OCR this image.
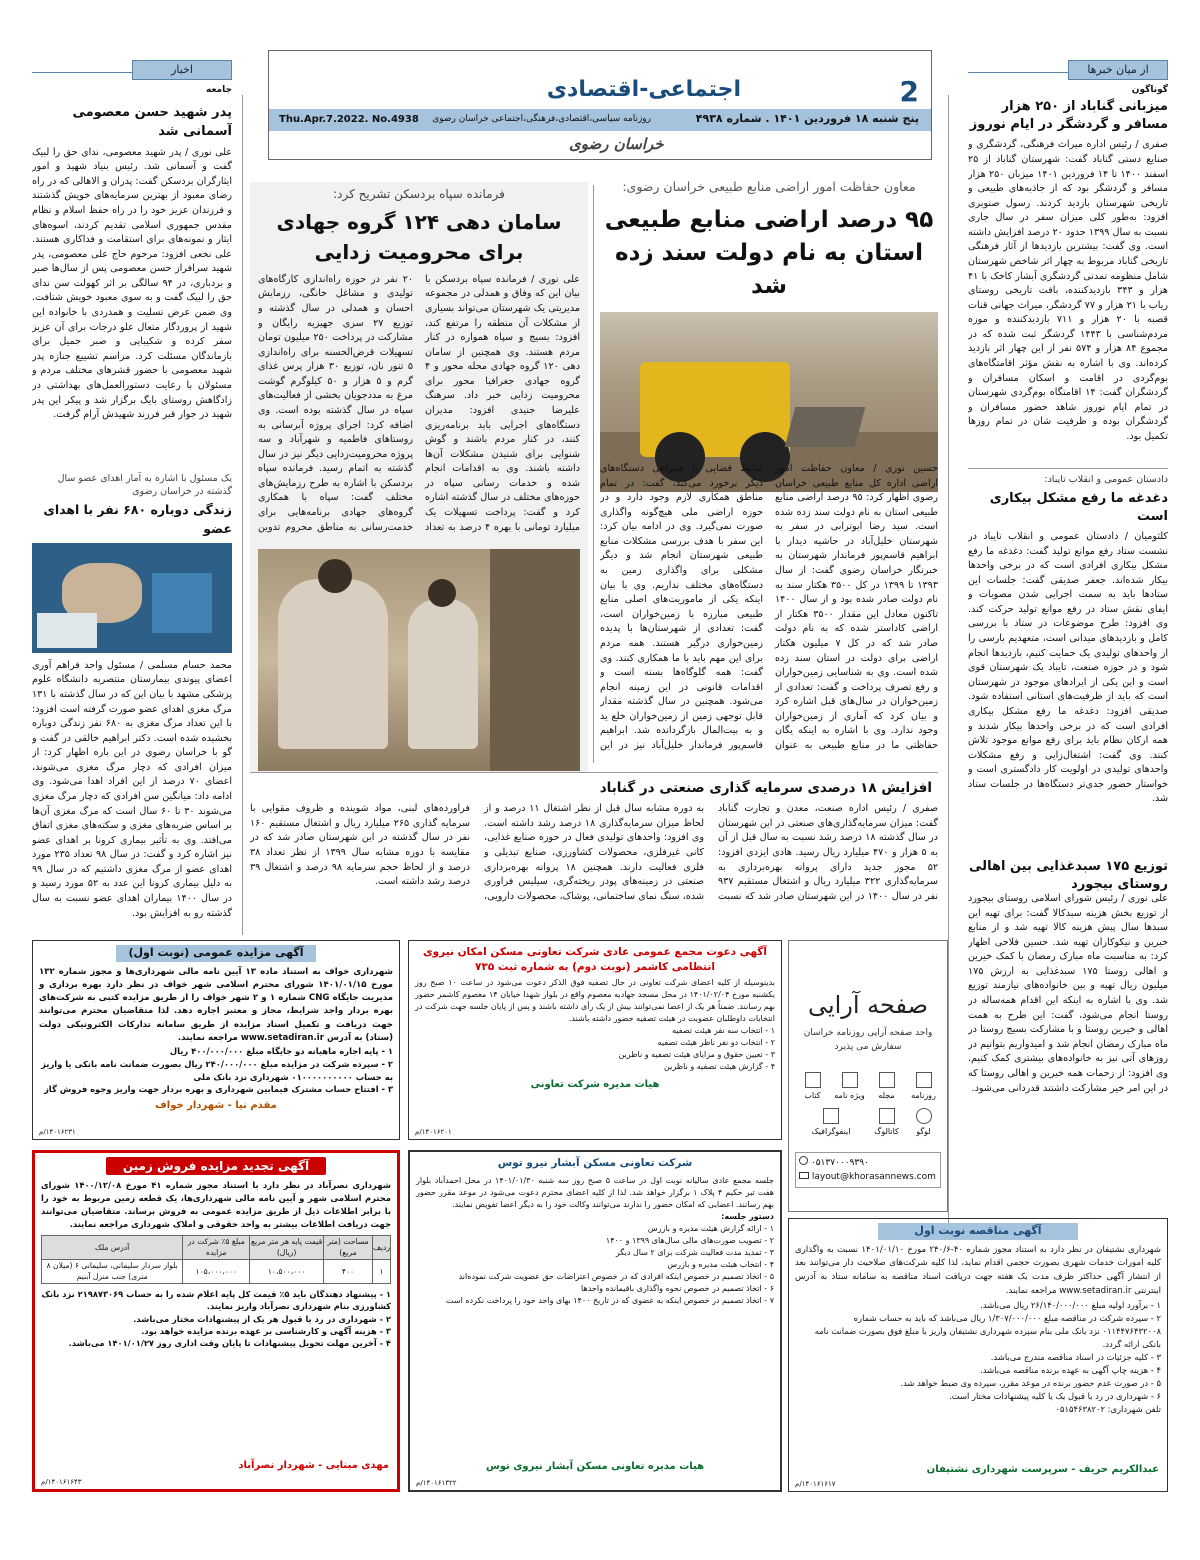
از میان خبرها
گوناگون
2
اجتماعی-اقتصادی
پنج شنبه ۱۸ فروردین ۱۴۰۱ . شماره ۴۹۳۸
روزنامه سیاسی،اقتصادی،فرهنگی،اجتماعی خراسان رضوی
Thu.Apr.7.2022. No.4938
خراسان رضوی
اخبار
جامعه
میزبانی گناباد از ۲۵۰ هزار مسافر و گردشگر در ایام نوروز

صفری / رئیس اداره میراث فرهنگی، گردشگری و صنایع دستی گناباد گفت: شهرستان گناباد از ۲۵ اسفند ۱۴۰۰ تا ۱۴ فروردین ۱۴۰۱ میزبان ۲۵۰ هزار مسافر و گردشگر بود که از جاذبه‌های طبیعی و تاریخی شهرستان بازدید کردند. رسول صنوبری افزود: به‌طور کلی میزان سفر در سال جاری نسبت به سال ۱۳۹۹ حدود ۲۰ درصد افزایش داشته است. وی گفت: بیشترین بازدیدها از آثار فرهنگی تاریخی گناباد مربوط به چهار اثر شاخص شهرستان شامل منظومه تمدنی گردشگری آبشار کاخک با ۴۱ هزار و ۳۴۳ بازدیدکننده، بافت تاریخی روستای ریاب با ۲۱ هزار و ۷۷ گردشگر، میراث جهانی قنات قصبه با ۲۰ هزار و ۷۱۱ بازدیدکننده و موزه مردم‌شناسی با ۱۴۴۳ گردشگر ثبت شده که در مجموع ۸۴ هزار و ۵۷۴ نفر از این چهار اثر بازدید کرده‌اند. وی با اشاره به نقش مؤثر اقامتگاه‌های بوم‌گردی در اقامت و اسکان مسافران و گردشگران گفت: ۱۴ اقامتگاه بوم‌گردی شهرستان در تمام ایام نوروز شاهد حضور مسافران و گردشگران بوده و ظرفیت شان در تمام روزها تکمیل بود.

دادستان عمومی و انقلاب تایباد:
دغدغه ما رفع مشکل بیکاری است

کلثومیان / دادستان عمومی و انقلاب تایباد در نشست ستاد رفع موانع تولید گفت: دغدغه ما رفع مشکل بیکاری افرادی است که در برخی واحدها بیکار شده‌اند. جعفر صدیقی گفت: جلسات این ستادها باید به سمت اجرایی شدن مصوبات و ایفای نقش ستاد در رفع موانع تولید حرکت کند. وی افزود: طرح موضوعات در ستاد با بررسی کامل و بازدیدهای میدانی است، متعهدیم بارسی را از واحدهای تولیدی یک حمایت کنیم، بازدیدها انجام شود و در حوزه صنعت، تایباد یک شهرستان قوی است و این یکی از ایرادهای موجود در شهرستان است که باید از ظرفیت‌های استانی استفاده شود. صدیقی افزود: دغدغه ما رفع مشکل بیکاری افرادی است که در برخی واحدها بیکار شدند و همه ارکان نظام باید برای رفع موانع موجود تلاش کنند. وی گفت: اشتغال‌زایی و رفع مشکلات واحدهای تولیدی در اولویت کار دادگستری است و خواستار حضور جدی‌تر دستگاه‌ها در جلسات ستاد شد.

توزیع ۱۷۵ سبدغذایی بین اهالی روستای بیجورد

علی نوری / رئیس شورای اسلامی روستای بیجورد از توزیع بخش هزینه سبدکالا گفت: برای تهیه این سبدها سال پیش هزینه کالا تهیه شد و از منابع خیرین و نیکوکاران تهیه شد. حسین فلاحی اظهار کرد: به مناسبت ماه مبارک رمضان با کمک خیرین و اهالی روستا ۱۷۵ سبدغذایی به ارزش ۱۷۵ میلیون ریال تهیه و بین خانواده‌های نیازمند توزیع شد. وی با اشاره به اینکه این اقدام همه‌ساله در روستا انجام می‌شود، گفت: این طرح به همت اهالی و خیرین روستا و با مشارکت بسیج روستا در ماه مبارک رمضان انجام شد و امیدواریم بتوانیم در روزهای آتی نیز به خانواده‌های بیشتری کمک کنیم. وی افزود: از زحمات همه خیرین و اهالی روستا که در این امر خیر مشارکت داشتند قدردانی می‌شود.

معاون حفاظت امور اراضی منابع طبیعی خراسان رضوی:
۹۵ درصد اراضی منابع طبیعی استان به نام دولت سند زده شد

حسین نوری / معاون حفاظت امور اراضی اداره کل منابع طبیعی خراسان رضوی اظهار کرد: ۹۵ درصد اراضی منابع طبیعی استان به نام دولت سند زده شده است. سید رضا ابوترابی در سفر به شهرستان خلیل‌آباد در حاشیه دیدار با ابراهیم قاسم‌پور فرماندار شهرستان به خبرنگار خراسان رضوی گفت: از سال ۱۳۹۳ تا ۱۳۹۹ در کل ۳۵۰۰ هکتار سند به نام دولت صادر شده بود و از سال ۱۴۰۰ تاکنون معادل این مقدار ۳۵۰۰ هکتار از اراضی کاداستر شده که به نام دولت صادر شد که در کل ۷ میلیون هکتار اراضی برای دولت در استان سند زده شده است. وی به شناسایی زمین‌خواران و رفع تصرف پرداخت و گفت: تعدادی از زمین‌خواران در سال‌های قبل اشاره کرد و بیان کرد که آماری از زمین‌خواران وجود ندارد. وی با اشاره به اینکه یگان حفاظتی ما در منابع طبیعی به عنوان ضابط قضایی با همراهی دستگاه‌های دیگر برخورد می‌کند، گفت: در تمام مناطق همکاری لازم وجود دارد و در حوزه اراضی ملی هیچ‌گونه واگذاری صورت نمی‌گیرد. وی در ادامه بیان کرد: این سفر با هدف بررسی مشکلات منابع طبیعی شهرستان انجام شد و دیگر مشکلی برای واگذاری زمین به دستگاه‌های مختلف نداریم. وی با بیان اینکه یکی از ماموریت‌های اصلی منابع طبیعی مبارزه با زمین‌خواران است، گفت: تعدادی از شهرستان‌ها با پدیده زمین‌خواری درگیر هستند. همه مردم برای این مهم باید با ما همکاری کنند. وی گفت: همه گلوگاه‌ها بسته است و اقدامات قانونی در این زمینه انجام می‌شود. همچنین در سال گذشته مقدار قابل توجهی زمین از زمین‌خواران خلع ید و به بیت‌المال بازگردانده شد. ابراهیم قاسم‌پور فرماندار خلیل‌آباد نیز در این

فرمانده سپاه بردسکن تشریح کرد:
سامان دهی ۱۲۴ گروه جهادی برای محرومیت زدایی

علی نوری / فرمانده سپاه بردسکن با بیان این که وفاق و همدلی در مجموعه مدیریتی یک شهرستان می‌تواند بسیاری از مشکلات آن منطقه را مرتفع کند، افزود: بسیج و سپاه همواره در کنار مردم هستند. وی همچنین از سامان دهی ۱۲۰ گروه جهادی محله محور و ۴ گروه جهادی جغرافیا محور برای محرومیت زدایی خبر داد. سرهنگ علیرضا جنیدی افزود: مدیران دستگاه‌های اجرایی باید برنامه‌ریزی کنند، در کنار مردم باشند و گوش شنوایی برای شنیدن مشکلات آن‌ها داشته باشند. وی به اقدامات انجام شده و خدمات رسانی سپاه در حوزه‌های مختلف در سال گذشته اشاره کرد و گفت: پرداخت تسهیلات یک میلیارد تومانی با بهره ۴ درصد به تعداد ۲۰ نفر در حوزه راه‌اندازی کارگاه‌های تولیدی و مشاغل خانگی، رزمایش احسان و همدلی در سال گذشته و توزیع ۲۷ سری جهیزیه رایگان و مشارکت در پرداخت ۲۵۰ میلیون تومان تسهیلات قرض‌الحسنه برای راه‌اندازی ۵ تنور نان، توزیع ۳۰ هزار پرس غذای گرم و ۵ هزار و ۵۰ کیلوگرم گوشت مرغ به مددجویان بخشی از فعالیت‌های سپاه در سال گذشته بوده است. وی اضافه کرد: اجرای پروژه آبرسانی به روستاهای فاطمیه و شهرآباد و سه پروژه محرومیت‌زدایی دیگر نیز در سال گذشته به اتمام رسید. فرمانده سپاه بردسکن با اشاره به طرح رزمایش‌های مختلف گفت: سپاه با همکاری گروه‌های جهادی برنامه‌هایی برای خدمت‌رسانی به مناطق محروم تدوین

افزایش ۱۸ درصدی سرمایه گذاری صنعتی در گناباد

صفری / رئیس اداره صنعت، معدن و تجارت گناباد گفت: میزان سرمایه‌گذاری‌های صنعتی در این شهرستان در سال گذشته ۱۸ درصد رشد نسبت به سال قبل از آن به ۵ هزار و ۴۷۰ میلیارد ریال رسید. هادی ایزدی افزود: ۵۲ مجوز جدید دارای پروانه بهره‌برداری به سرمایه‌گذاری ۳۲۲ میلیارد ریال و اشتغال مستقیم ۹۳۷ نفر در سال ۱۴۰۰ در این شهرستان صادر شد که نسبت به دوره مشابه سال قبل از نظر اشتغال ۱۱ درصد و از لحاظ میزان سرمایه‌گذاری ۱۸ درصد رشد داشته است. وی افزود: واحدهای تولیدی فعال در حوزه صنایع غذایی، کانی غیرفلزی، محصولات کشاورزی، صنایع تبدیلی و فلزی فعالیت دارند. همچنین ۱۸ پروانه بهره‌برداری صنعتی در زمینه‌های پودر ریخته‌گری، سیلیس فراوری شده، سنگ نمای ساختمانی، پوشاک، محصولات دارویی، فراورده‌های لبنی، مواد شوینده و ظروف مقوایی با سرمایه گذاری ۲۶۵ میلیارد ریال و اشتغال مستقیم ۱۶۰ نفر در سال گذشته در این شهرستان صادر شد که در مقایسه با دوره مشابه سال ۱۳۹۹ از نظر تعداد ۳۸ درصد و از لحاظ حجم سرمایه ۹۸ درصد و اشتغال ۳۹ درصد رشد داشته است.

پدر شهید حسن معصومی آسمانی شد

علی نوری / پدر شهید معصومی، ندای حق را لبیک گفت و آسمانی شد. رئیس بنیاد شهید و امور ایثارگران بردسکن گفت: پدران و الاهالی که در راه رضای معبود از بهترین سرمایه‌های خویش گذشتند و فرزندان عزیز خود را در راه حفظ اسلام و نظام مقدس جمهوری اسلامی تقدیم کردند، اسوه‌های ایثار و نمونه‌های برای استقامت و فداکاری هستند. علی نخعی افزود: مرحوم حاج علی معصومی، پدر شهید سرافراز حسن معصومی پس از سال‌ها صبر و بردباری، در ۹۴ سالگی بر اثر کهولت سن ندای حق را لبیک گفت و به سوی معبود خویش شتافت. وی ضمن عرض تسلیت و همدردی با خانواده این شهید از پروردگار متعال علو درجات برای آن عزیز سفر کرده و شکیبایی و صبر جمیل برای بازماندگان مسئلت کرد. مراسم تشییع جنازه پدر شهید معصومی با حضور قشرهای مختلف مردم و مسئولان با رعایت دستورالعمل‌های بهداشتی در زادگاهش روستای بایگ برگزار شد و پیکر این پدر شهید در جوار قبر فرزند شهیدش آرام گرفت.

یک مسئول با اشاره به آمار اهدای عضو سال گذشته در خراسان رضوی
زندگی دوباره ۶۸۰ نفر با اهدای عضو

محمد حسام مسلمی / مسئول واحد فراهم آوری اعضای پیوندی بیمارستان منتصریه دانشگاه علوم پزشکی مشهد با بیان این که در سال گذشته با ۱۳۱ مرگ مغزی اهدای عضو صورت گرفته است افزود: با این تعداد مرگ مغزی به ۶۸۰ نفر زندگی دوباره بخشیده شده است. دکتر ابراهیم خالقی در گفت و گو با خراسان رضوی در این باره اظهار کرد: از میزان افرادی که دچار مرگ مغزی می‌شوند، اعضای ۷۰ درصد از این افراد اهدا می‌شود. وی ادامه داد: میانگین سن افرادی که دچار مرگ مغزی می‌شوند ۳۰ تا ۶۰ سال است که مرگ مغزی آن‌ها بر اساس ضربه‌های مغزی و سکته‌های مغزی اتفاق می‌افتد. وی به تأثیر بیماری کرونا بر اهدای عضو نیز اشاره کرد و گفت: در سال ۹۸ تعداد ۲۳۵ مورد اهدای عضو از مرگ مغزی داشتیم که در سال ۹۹ به دلیل بیماری کرونا این عدد به ۵۲ مورد رسید و در سال ۱۴۰۰ بیماران اهدای عضو نسبت به سال گذشته رو به افزایش بود.

آگهی مزایده عمومی (نوبت اول)

شهرداری خواف به استناد ماده ۱۳ آیین نامه مالی شهرداری‌ها و مجوز شماره ۱۳۲ مورخ ۱۴۰۱/۰۱/۱۵ شورای محترم اسلامی شهر خواف در نظر دارد بهره برداری و مدیریت جایگاه CNG شماره ۱ و ۲ شهر خواف را از طریق مزایده کتبی به شرکت‌های بهره بردار واجد شرایط، مجاز و معتبر اجاره دهد. لذا متقاضیان محترم می‌توانند جهت دریافت و تکمیل اسناد مزایده از طریق سامانه تدارکات الکترونیکی دولت (ستاد) به آدرس www.setadiran.ir مراجعه نمایند.

۱ - پایه اجاره ماهیانه دو جایگاه مبلغ ۴۰۰/۰۰۰/۰۰۰ ریال
۲ - سپرده شرکت در مزایده مبلغ ۲۴۰/۰۰۰/۰۰۰ ریال بصورت ضمانت نامه بانکی یا واریز به حساب ۰۱۰۰۰۰۰۰۰۰۰۰ شهرداری نزد بانک ملی
۳ - افتتاح حساب مشترک فیمابین شهرداری و بهره بردار جهت واریز وجوه فروش گاز
مقدم نیا - شهردار خواف
۱۴۰۱۶۲۳۱/م
آگهی دعوت مجمع عمومی عادی شرکت تعاونی مسکن امکان نیروی انتظامی کاشمر (نوبت دوم) به شماره ثبت ۷۳۵

بدینوسیله از کلیه اعضای شرکت تعاونی در حال تصفیه فوق الذکر دعوت می‌شود در ساعت ۱۰ صبح روز یکشنبه مورخ ۱۴۰۱/۰۲/۰۴ در محل مسجد جهادیه معصوم واقع در بلوار شهدا خیابان ۱۴ معصوم کاشمر حضور بهم رسانند. ضمناً هر یک از اعضا نمی‌توانند بیش از یک رأی داشته باشند و پس از پایان جلسه جهت شرکت در انتخابات داوطلبان عضویت در هیئت تصفیه حضور داشته باشند.

۱ - انتخاب سه نفر هیئت تصفیه
۲ - انتخاب دو نفر ناظر هیئت تصفیه
۳ - تعیین حقوق و مزایای هیئت تصفیه و ناظرین
۴ - گزارش هیئت تصفیه و ناظرین
هیات مدیره شرکت تعاونی
۱۴۰۱۶۲۰۱/م
صفحه آرایی
واحد صفحه آرایی روزنامه خراسان سفارش می پذیرد
روزنامه
مجله
ویژه نامه
کتاب
لوگو
کاتالوگ
اینفوگرافیک
۰۵۱۳۷۰۰۰۹۳۹۰
layout@khorasannews.com
آگهی تجدید مزایده فروش زمین

شهرداری نصرآباد در نظر دارد با استناد مجوز شماره ۴۱ مورخ ۱۴۰۰/۱۲/۰۸ شورای محترم اسلامی شهر و آیین نامه مالی شهرداری‌ها، یک قطعه زمین مربوط به خود را با برابر اطلاعات ذیل از طریق مزایده عمومی به فروش برساند. متقاضیان می‌توانند جهت دریافت اطلاعات بیشتر به واحد حقوقی و املاک شهرداری مراجعه نمایند.

ردیف	مساحت (متر مربع)	قیمت پایه هر متر مربع (ریال)	مبلغ ۵٪ شرکت در مزایده	آدرس ملک
۱	۴۰۰	۱۰،۵۰۰،۰۰۰	۱۰۵،۰۰۰،۰۰۰	بلوار سردار سلیمانی، سلیمانی ۶ (میلان ۸ متری) جنب منزل آبنیم
۱ - پیشنهاد دهندگان باید ۵٪ قیمت کل پایه اعلام شده را به حساب ۲۱۹۸۷۳۰۶۹ نزد بانک کشاورزی بنام شهرداری نصرآباد واریز نمایند.
۲ - شهرداری در رد یا قبول هر یک از پیشنهادات مختار می‌باشد.
۳ - هزینه آگهی و کارشناسی بر عهده برنده مزایده خواهد بود.
۴ - آخرین مهلت تحویل پیشنهادات تا پایان وقت اداری روز ۱۴۰۱/۰۱/۲۷ می‌باشد.
مهدی مینایی - شهردار نصرآباد
۱۴۰۱۶۱۶۴۳/م
شرکت تعاونی مسکن آبشار نیرو توس

جلسه مجمع عادی سالیانه نوبت اول در ساعت ۵ صبح روز سه شنبه ۱۴۰۱/۰۱/۳۰ در محل احمدآباد بلوار هفت تیر حکیم ۴ پلاک ۱ برگزار خواهد شد. لذا از کلیه اعضای محترم دعوت می‌شود در موعد مقرر حضور بهم رسانند. اعضایی که امکان حضور را ندارند می‌توانند وکالت خود را به دیگر اعضا تفویض نمایند.

دستور جلسه:
۱ - ارائه گزارش هیئت مدیره و بازرس
۲ - تصویب صورت‌های مالی سال‌های ۱۳۹۹ و ۱۴۰۰
۳ - تمدید مدت فعالیت شرکت برای ۲ سال دیگر
۴ - انتخاب هیئت مدیره و بازرس
۵ - اتخاذ تصمیم در خصوص اینکه افرادی که در خصوص اعتراضات حق عضویت شرکت نموده‌اند
۶ - اتخاذ تصمیم در خصوص نحوه واگذاری باقیمانده واحدها
۷ - اتخاذ تصمیم در خصوص اینکه به عضوی که در تاریخ ۱۴۰۰ بهای واحد خود را پرداخت نکرده است
هیات مدیره تعاونی مسکن آبشار نیروی توس
۱۴۰۱۶۱۳۲۲/م
آگهی مناقصه نوبت اول

شهرداری نشتیفان در نظر دارد به استناد مجوز شماره ۴۰-۲۴۰/۶ مورخ ۱۴۰۱/۰۱/۱۰ نسبت به واگذاری کلیه امورات خدمات شهری بصورت حجمی اقدام نماید، لذا کلیه شرکت‌های صلاحیت دار می‌توانند بعد از انتشار آگهی حداکثر ظرف مدت یک هفته جهت دریافت اسناد مناقصه به سامانه ستاد به آدرس اینترنتی www.setadiran.ir مراجعه نمایند.

۱ - برآورد اولیه مبلغ ۲۶/۱۴۰/۰۰۰/۰۰۰ ریال می‌باشد.
۲ - سپرده شرکت در مناقصه مبلغ ۱/۳۰۷/۰۰۰/۰۰۰ ریال می‌باشد که باید به حساب شماره ۰۱۱۴۴۷۶۴۳۲۰۰۸ نزد بانک ملی بنام سپرده شهرداری نشتیفان واریز یا مبلغ فوق بصورت ضمانت نامه بانکی ارائه گردد.
۳ - کلیه جزئیات در اسناد مناقصه مندرج می‌باشد.
۴ - هزینه چاپ آگهی به عهده برنده مناقصه می‌باشد.
۵ - در صورت عدم حضور برنده در موعد مقرر، سپرده وی ضبط خواهد شد.
۶ - شهرداری در رد یا قبول یک یا کلیه پیشنهادات مختار است.
تلفن شهرداری: ۰۵۱۵۴۶۳۸۲۰۲
عبدالکریم حریف - سرپرست شهرداری نشتیفان
۱۴۰۱۶۱۶۱۷/م
